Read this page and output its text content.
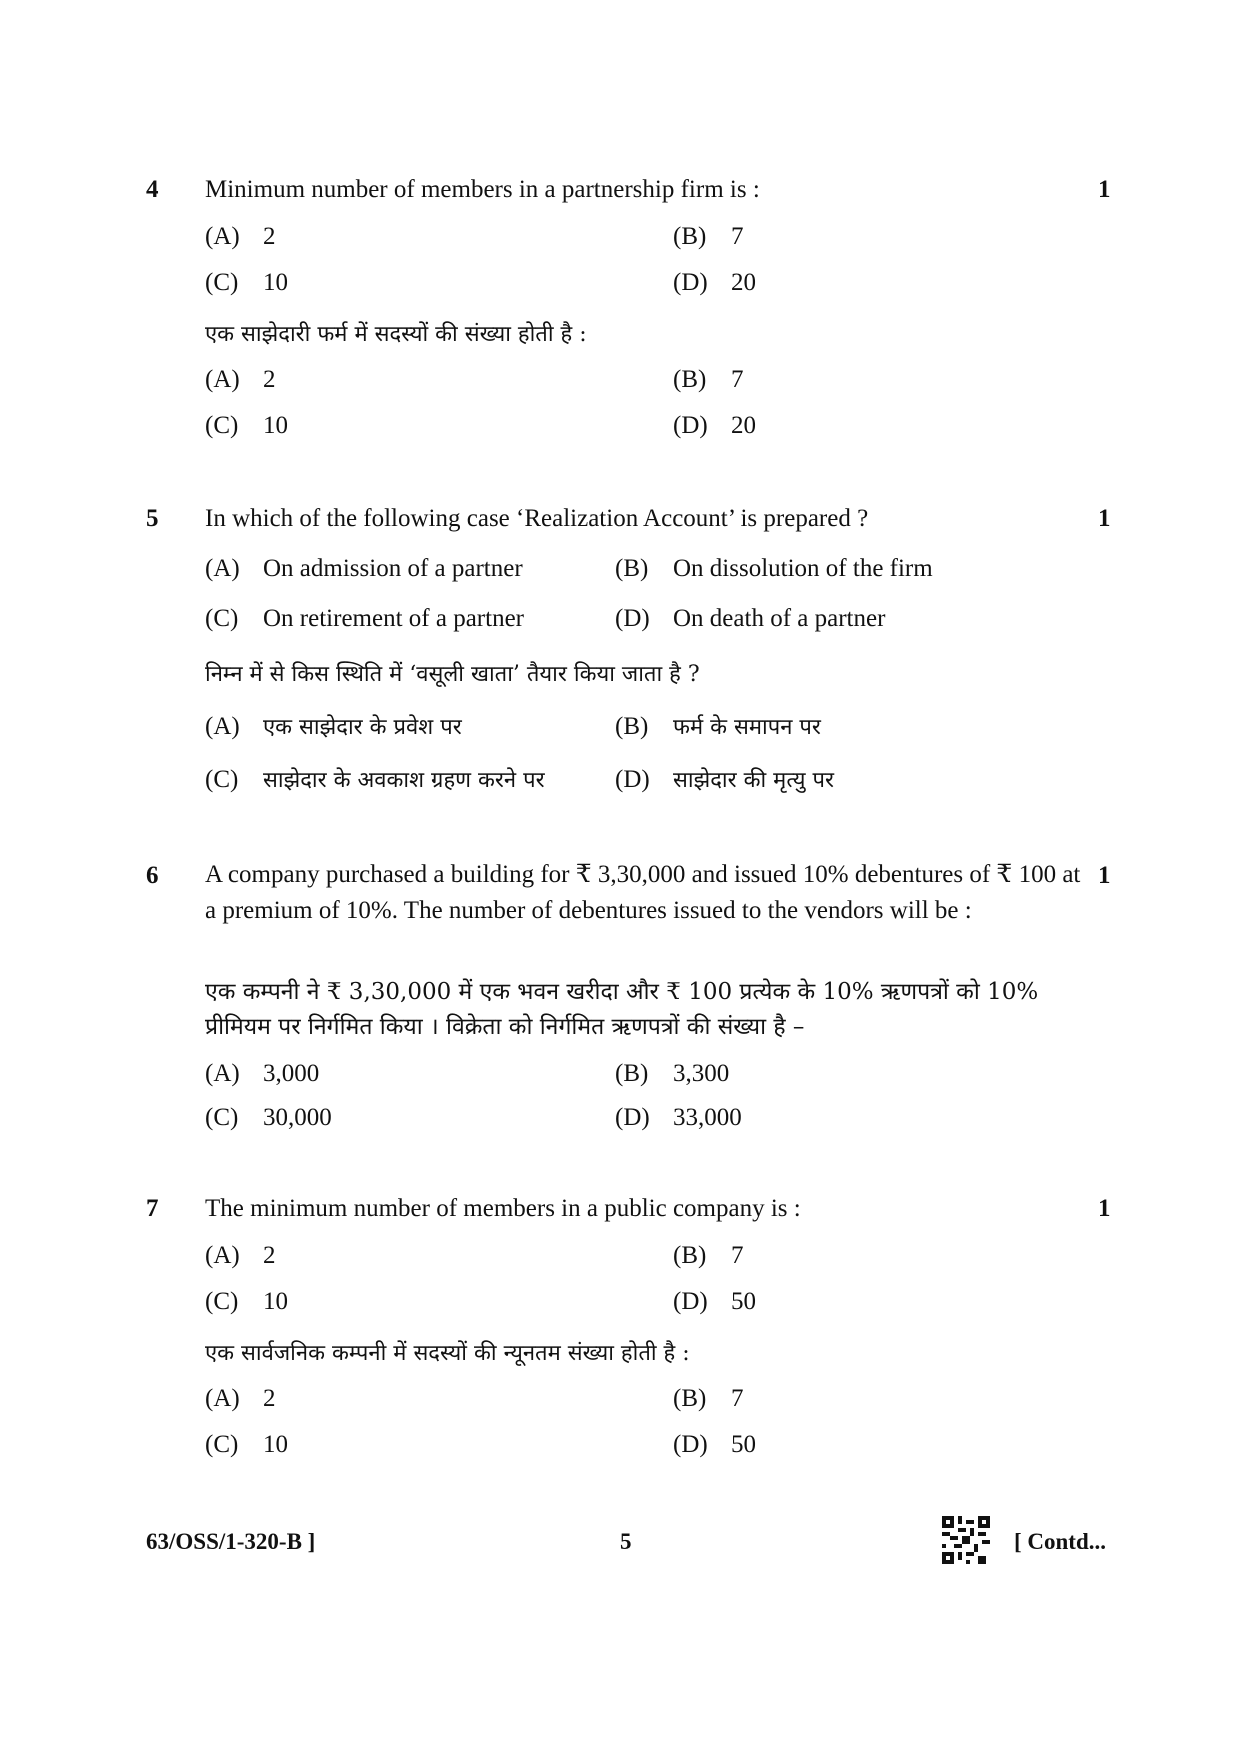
4 Minimum number of members in a partnership firm is :	1
(A) 2	(B) 7
(C) 10	(D) 20
एक साझेदारी फर्म में सदस्यों की संख्या होती है :
(A) 2	(B) 7
(C) 10	(D) 20
5 In which of the following case ‘Realization Account’ is prepared ?	1
(A) On admission of a partner	(B) On dissolution of the firm
(C) On retirement of a partner	(D) On death of a partner
निम्न में से किस स्थिति में ‘वसूली खाता’ तैयार किया जाता है ?
(A) एक साझेदार के प्रवेश पर	(B) फर्म के समापन पर
(C) साझेदार के अवकाश ग्रहण करने पर	(D) साझेदार की मृत्यु पर
6 A company purchased a building for ₹ 3,30,000 and issued 10% debentures of ₹ 100 at a premium of 10%. The number of debentures issued to the vendors will be :
1
एक कम्पनी ने ₹ 3,30,000 में एक भवन खरीदा और ₹ 100 प्रत्येक के 10% ऋणपत्रों को 10% प्रीमियम पर निर्गमित किया । विक्रेता को निर्गमित ऋणपत्रों की संख्या है –
(A) 3,000	(B) 3,300
(C) 30,000	(D) 33,000
7 The minimum number of members in a public company is :	1
(A) 2	(B) 7
(C) 10	(D) 50
एक सार्वजनिक कम्पनी में सदस्यों की न्यूनतम संख्या होती है :
(A) 2	(B) 7
(C) 10	(D) 50
63/OSS/1-320-B ]	5	[ Contd...
